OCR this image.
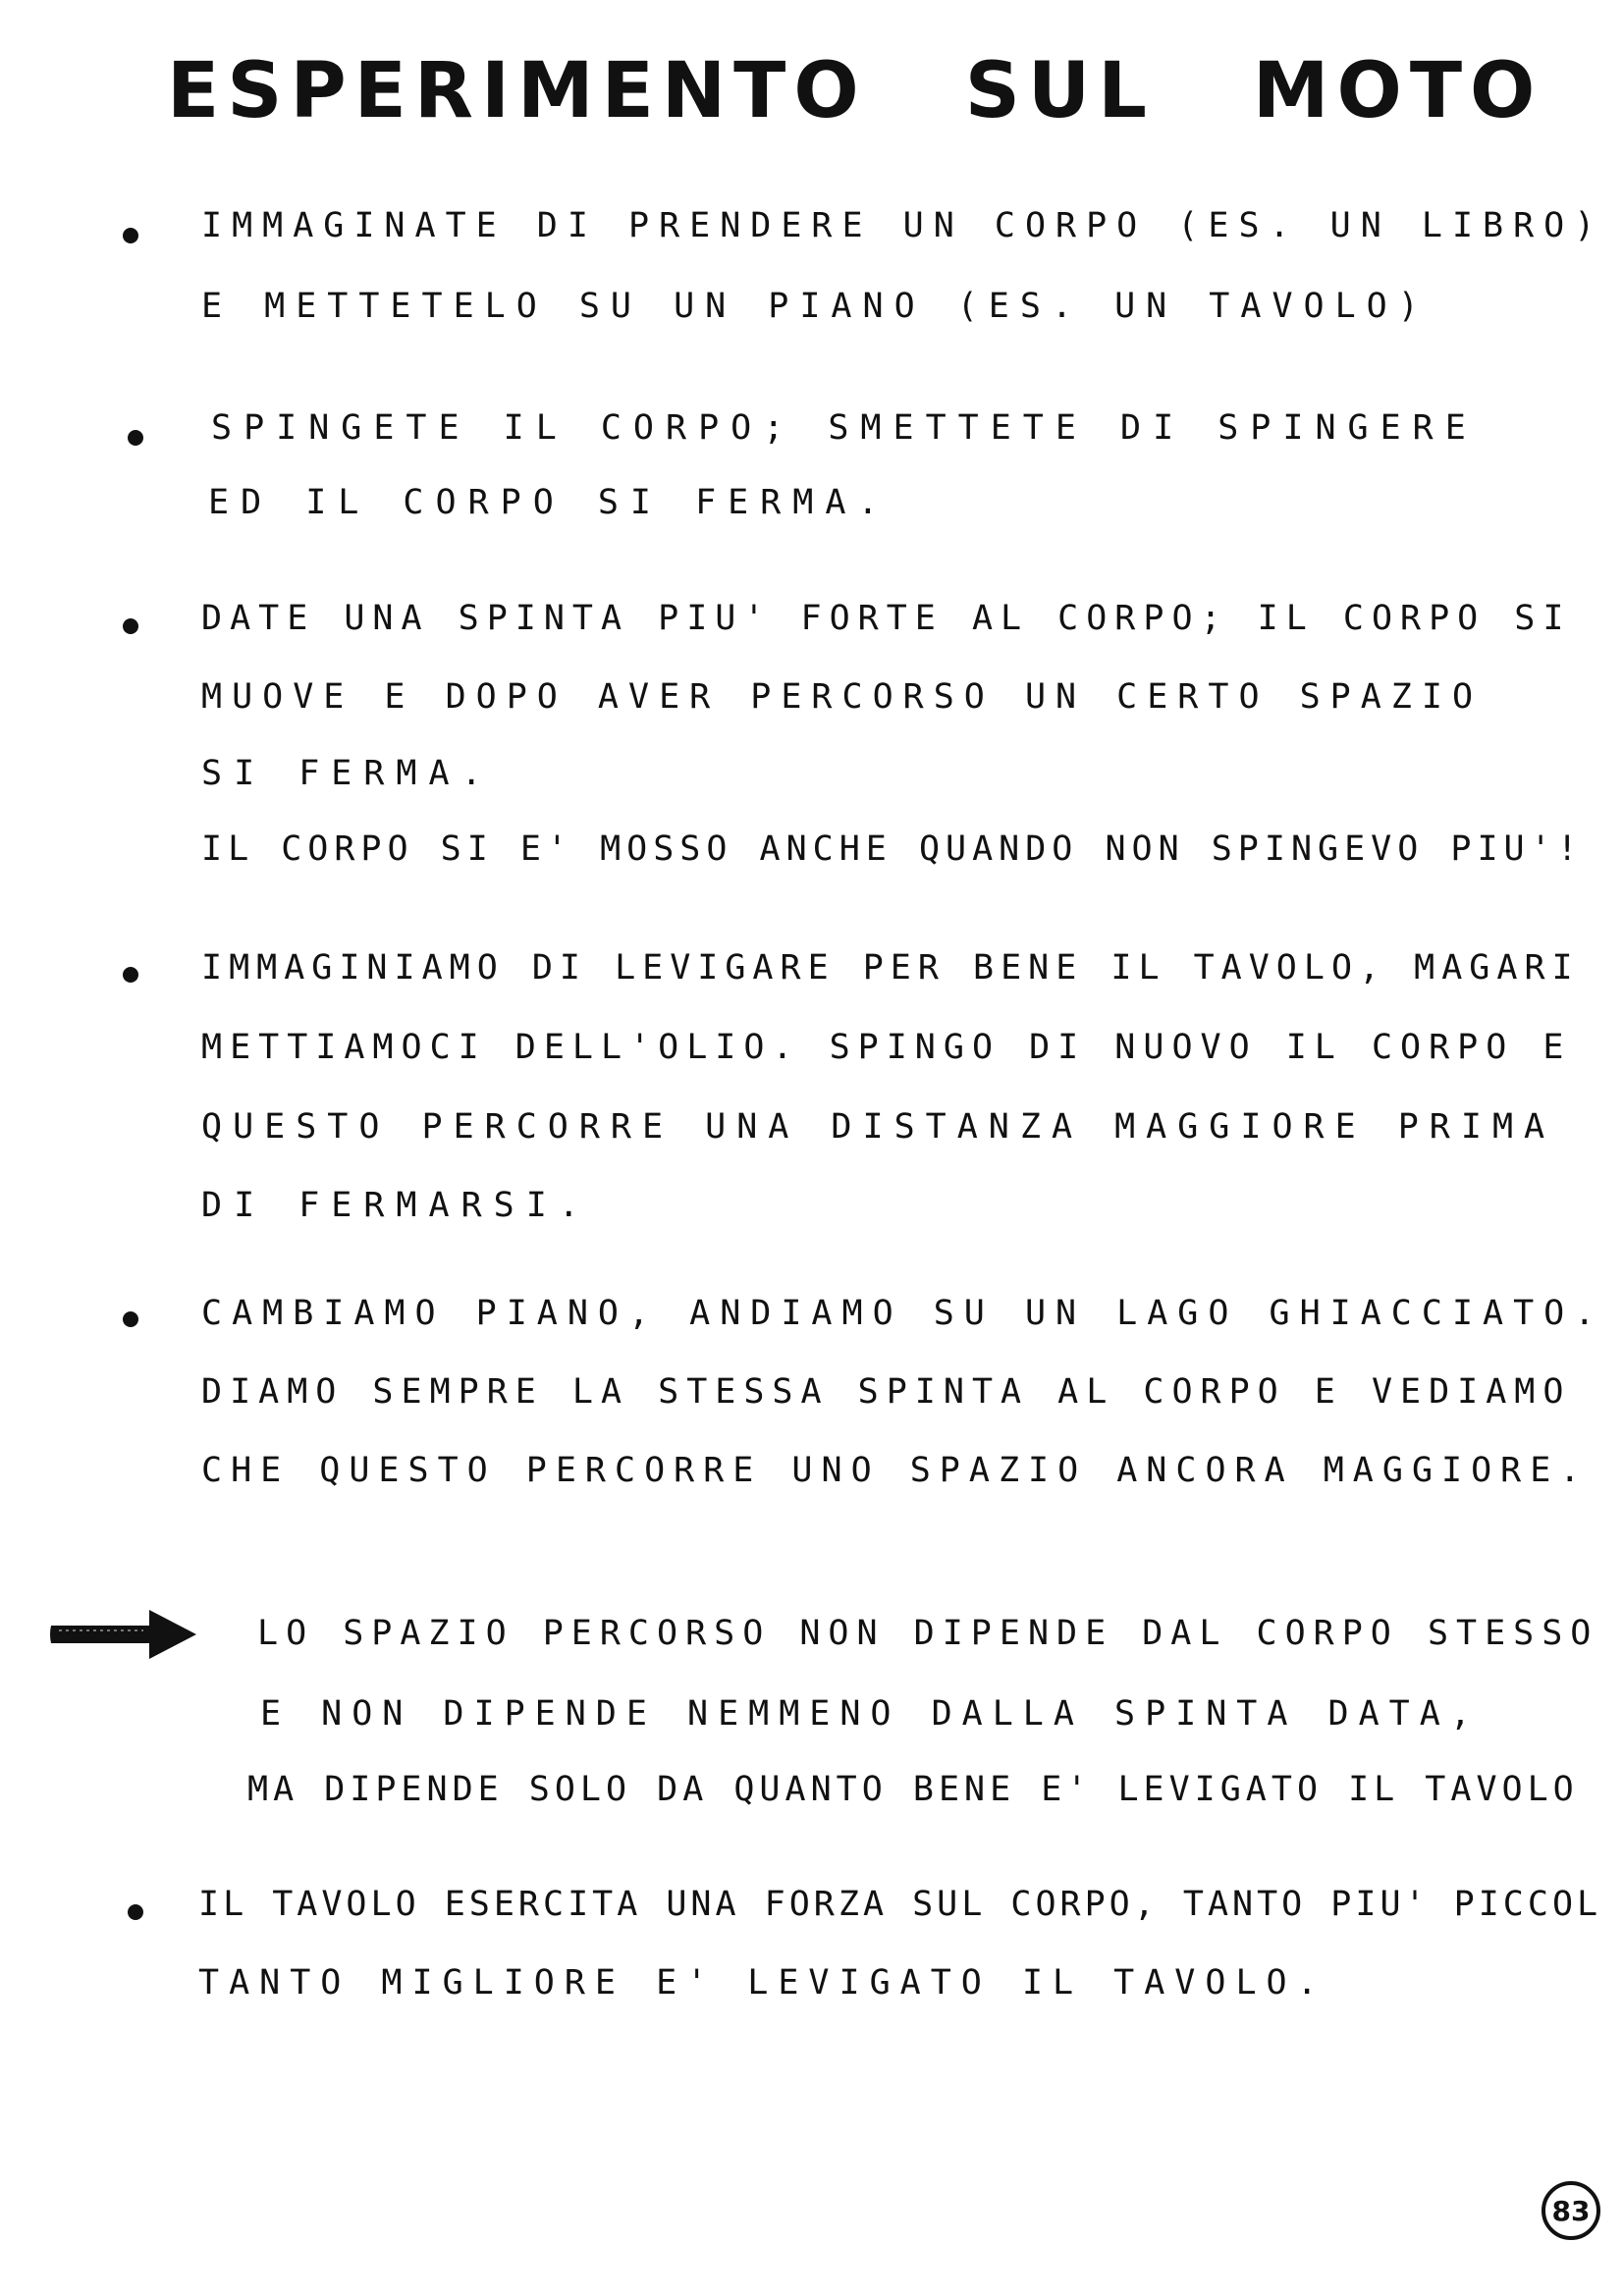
ESPERIMENTO SUL MOTO
IMMAGINATE DI PRENDERE UN CORPO (ES. UN LIBRO)
E METTETELO SU UN PIANO (ES. UN TAVOLO)
SPINGETE IL CORPO; SMETTETE DI SPINGERE
ED IL CORPO SI FERMA.
DATE UNA SPINTA PIU' FORTE AL CORPO; IL CORPO SI
MUOVE E DOPO AVER PERCORSO UN CERTO SPAZIO
SI FERMA.
IL CORPO SI E' MOSSO ANCHE QUANDO NON SPINGEVO PIU'!
IMMAGINIAMO DI LEVIGARE PER BENE IL TAVOLO, MAGARI
METTIAMOCI DELL'OLIO. SPINGO DI NUOVO IL CORPO E
QUESTO PERCORRE UNA DISTANZA MAGGIORE PRIMA
DI FERMARSI.
CAMBIAMO PIANO, ANDIAMO SU UN LAGO GHIACCIATO.
DIAMO SEMPRE LA STESSA SPINTA AL CORPO E VEDIAMO
CHE QUESTO PERCORRE UNO SPAZIO ANCORA MAGGIORE.
LO SPAZIO PERCORSO NON DIPENDE DAL CORPO STESSO
E NON DIPENDE NEMMENO DALLA SPINTA DATA,
MA DIPENDE SOLO DA QUANTO BENE E' LEVIGATO IL TAVOLO
IL TAVOLO ESERCITA UNA FORZA SUL CORPO, TANTO PIU' PICCOL
TANTO MIGLIORE E' LEVIGATO IL TAVOLO.
83
